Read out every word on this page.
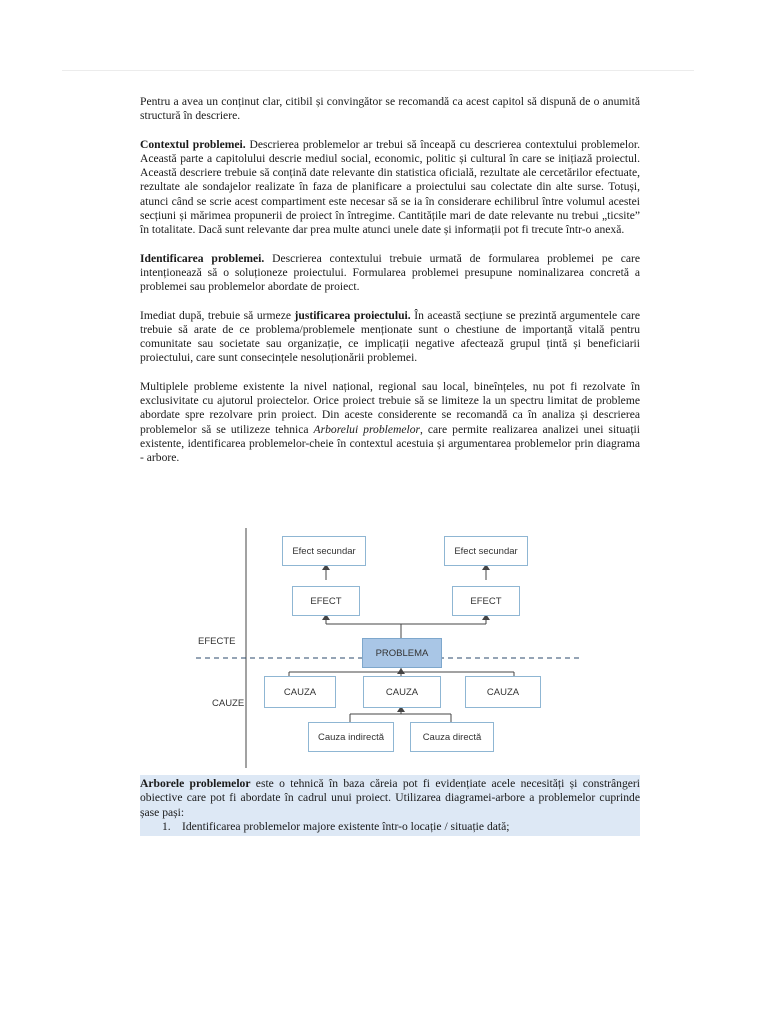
Pentru a avea un conținut clar, citibil și convingător se recomandă ca acest capitol să dispună de o anumită structură în descriere.

Contextul problemei. Descrierea problemelor ar trebui să înceapă cu descrierea contextului problemelor. Această parte a capitolului descrie mediul social, economic, politic și cultural în care se inițiază proiectul. Această descriere trebuie să conțină date relevante din statistica oficială, rezultate ale cercetărilor efectuate, rezultate ale sondajelor realizate în faza de planificare a proiectului sau colectate din alte surse. Totuși, atunci când se scrie acest compartiment este necesar să se ia în considerare echilibrul între volumul acestei secțiuni și mărimea propunerii de proiect în întregime. Cantitățile mari de date relevante nu trebui „ticsite” în totalitate. Dacă sunt relevante dar prea multe atunci unele date și informații pot fi trecute într-o anexă.

Identificarea problemei. Descrierea contextului trebuie urmată de formularea problemei pe care intenționează să o soluționeze proiectului. Formularea problemei presupune nominalizarea concretă a problemei sau problemelor abordate de proiect.

Imediat după, trebuie să urmeze justificarea proiectului. În această secțiune se prezintă argumentele care trebuie să arate de ce problema/problemele menționate sunt o chestiune de importanță vitală pentru comunitate sau societate sau organizație, ce implicații negative afectează grupul țintă și beneficiarii proiectului, care sunt consecințele nesoluționării problemei.

Multiplele probleme existente la nivel național, regional sau local, bineînțeles, nu pot fi rezolvate în exclusivitate cu ajutorul proiectelor. Orice proiect trebuie să se limiteze la un spectru limitat de probleme abordate spre rezolvare prin proiect. Din aceste considerente se recomandă ca în analiza și descrierea problemelor să se utilizeze tehnica Arborelui problemelor, care permite realizarea analizei unei situații existente, identificarea problemelor-cheie în contextul acestuia și argumentarea problemelor prin diagrama - arbore.

Efect secundar	Efect secundar
EFECT	EFECT
EFECTE
PROBLEMA
CAUZE
CAUZA	CAUZA	CAUZA
Cauza indirectă	Cauza directă

Arborele problemelor este o tehnică în baza căreia pot fi evidențiate acele necesități și constrângeri obiective care pot fi abordate în cadrul unui proiect. Utilizarea diagramei-arbore a problemelor cuprinde șase pași:

1. Identificarea problemelor majore existente într-o locație / situație dată;
